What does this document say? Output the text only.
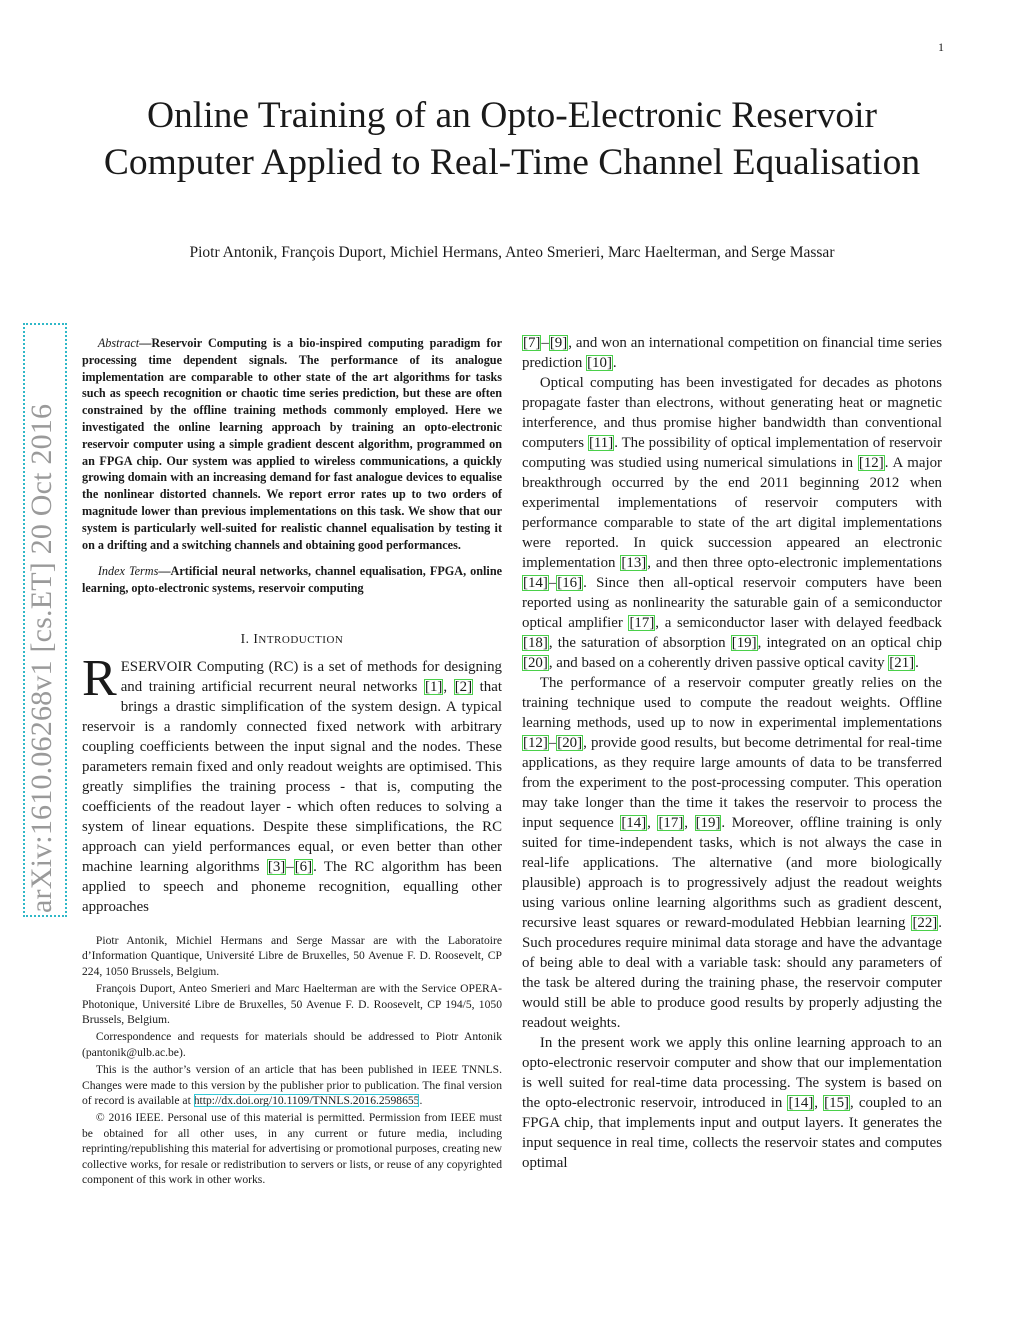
1
Online Training of an Opto-Electronic Reservoir Computer Applied to Real-Time Channel Equalisation

Piotr Antonik, François Duport, Michiel Hermans, Anteo Smerieri, Marc Haelterman, and Serge Massar

arXiv:1610.06268v1 [cs.ET] 20 Oct 2016

Abstract—Reservoir Computing is a bio-inspired computing paradigm for processing time dependent signals. The performance of its analogue implementation are comparable to other state of the art algorithms for tasks such as speech recognition or chaotic time series prediction, but these are often constrained by the offline training methods commonly employed. Here we investigated the online learning approach by training an opto-electronic reservoir computer using a simple gradient descent algorithm, programmed on an FPGA chip. Our system was applied to wireless communications, a quickly growing domain with an increasing demand for fast analogue devices to equalise the nonlinear distorted channels. We report error rates up to two orders of magnitude lower than previous implementations on this task. We show that our system is particularly well-suited for realistic channel equalisation by testing it on a drifting and a switching channels and obtaining good performances.

Index Terms—Artificial neural networks, channel equalisation, FPGA, online learning, opto-electronic systems, reservoir computing

I. INTRODUCTION

RESERVOIR Computing (RC) is a set of methods for designing and training artificial recurrent neural networks [1], [2] that brings a drastic simplification of the system design. A typical reservoir is a randomly connected fixed network with arbitrary coupling coefficients between the input signal and the nodes. These parameters remain fixed and only readout weights are optimised. This greatly simplifies the training process - that is, computing the coefficients of the readout layer - which often reduces to solving a system of linear equations. Despite these simplifications, the RC approach can yield performances equal, or even better than other machine learning algorithms [3]–[6]. The RC algorithm has been applied to speech and phoneme recognition, equalling other approaches

Piotr Antonik, Michiel Hermans and Serge Massar are with the Laboratoire d’Information Quantique, Université Libre de Bruxelles, 50 Avenue F. D. Roosevelt, CP 224, 1050 Brussels, Belgium.

François Duport, Anteo Smerieri and Marc Haelterman are with the Service OPERA-Photonique, Université Libre de Bruxelles, 50 Avenue F. D. Roosevelt, CP 194/5, 1050 Brussels, Belgium.

Correspondence and requests for materials should be addressed to Piotr Antonik (pantonik@ulb.ac.be).

This is the author’s version of an article that has been published in IEEE TNNLS. Changes were made to this version by the publisher prior to publication. The final version of record is available at http://dx.doi.org/10.1109/TNNLS.2016.2598655.

© 2016 IEEE. Personal use of this material is permitted. Permission from IEEE must be obtained for all other uses, in any current or future media, including reprinting/republishing this material for advertising or promotional purposes, creating new collective works, for resale or redistribution to servers or lists, or reuse of any copyrighted component of this work in other works.

[7]–[9], and won an international competition on financial time series prediction [10].

Optical computing has been investigated for decades as photons propagate faster than electrons, without generating heat or magnetic interference, and thus promise higher bandwidth than conventional computers [11]. The possibility of optical implementation of reservoir computing was studied using numerical simulations in [12]. A major breakthrough occurred by the end 2011 beginning 2012 when experimental implementations of reservoir computers with performance comparable to state of the art digital implementations were reported. In quick succession appeared an electronic implementation [13], and then three opto-electronic implementations [14]–[16]. Since then all-optical reservoir computers have been reported using as nonlinearity the saturable gain of a semiconductor optical amplifier [17], a semiconductor laser with delayed feedback [18], the saturation of absorption [19], integrated on an optical chip [20], and based on a coherently driven passive optical cavity [21].

The performance of a reservoir computer greatly relies on the training technique used to compute the readout weights. Offline learning methods, used up to now in experimental implementations [12]–[20], provide good results, but become detrimental for real-time applications, as they require large amounts of data to be transferred from the experiment to the post-processing computer. This operation may take longer than the time it takes the reservoir to process the input sequence [14], [17], [19]. Moreover, offline training is only suited for time-independent tasks, which is not always the case in real-life applications. The alternative (and more biologically plausible) approach is to progressively adjust the readout weights using various online learning algorithms such as gradient descent, recursive least squares or reward-modulated Hebbian learning [22]. Such procedures require minimal data storage and have the advantage of being able to deal with a variable task: should any parameters of the task be altered during the training phase, the reservoir computer would still be able to produce good results by properly adjusting the readout weights.

In the present work we apply this online learning approach to an opto-electronic reservoir computer and show that our implementation is well suited for real-time data processing. The system is based on the opto-electronic reservoir, introduced in [14], [15], coupled to an FPGA chip, that implements input and output layers. It generates the input sequence in real time, collects the reservoir states and computes optimal
